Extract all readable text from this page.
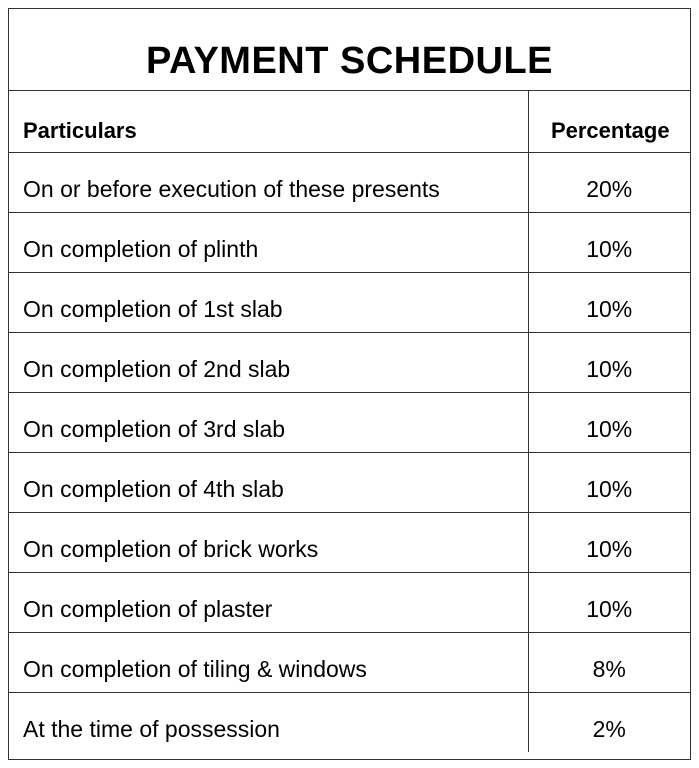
PAYMENT SCHEDULE
Particulars	Percentage
On or before execution of these presents	20%
On completion of plinth	10%
On completion of 1st slab	10%
On completion of 2nd slab	10%
On completion of 3rd slab	10%
On completion of 4th slab	10%
On completion of brick works	10%
On completion of plaster	10%
On completion of tiling & windows	8%
At the time of possession	2%
